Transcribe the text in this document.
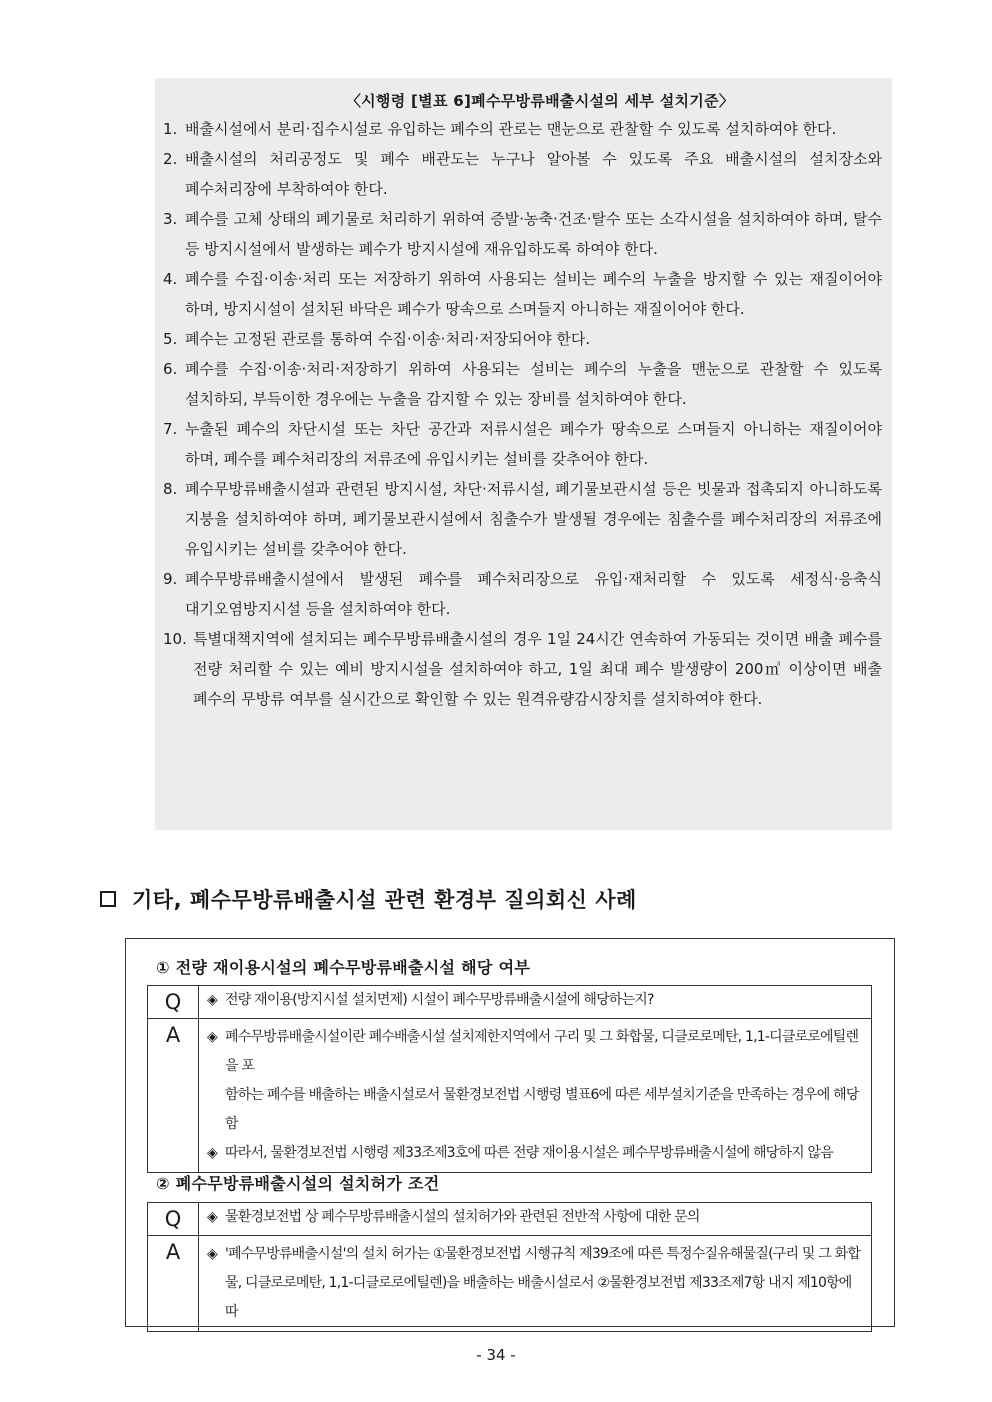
〈시행령 [별표 6]폐수무방류배출시설의 세부 설치기준〉
1. 배출시설에서 분리·집수시설로 유입하는 폐수의 관로는 맨눈으로 관찰할 수 있도록 설치하여야 한다.
2. 배출시설의 처리공정도 및 폐수 배관도는 누구나 알아볼 수 있도록 주요 배출시설의 설치장소와 폐수처리장에 부착하여야 한다.
3. 폐수를 고체 상태의 폐기물로 처리하기 위하여 증발·농축·건조·탈수 또는 소각시설을 설치하여야 하며, 탈수 등 방지시설에서 발생하는 폐수가 방지시설에 재유입하도록 하여야 한다.
4. 폐수를 수집·이송·처리 또는 저장하기 위하여 사용되는 설비는 폐수의 누출을 방지할 수 있는 재질이어야 하며, 방지시설이 설치된 바닥은 폐수가 땅속으로 스며들지 아니하는 재질이어야 한다.
5. 폐수는 고정된 관로를 통하여 수집·이송·처리·저장되어야 한다.
6. 폐수를 수집·이송·처리·저장하기 위하여 사용되는 설비는 폐수의 누출을 맨눈으로 관찰할 수 있도록 설치하되, 부득이한 경우에는 누출을 감지할 수 있는 장비를 설치하여야 한다.
7. 누출된 폐수의 차단시설 또는 차단 공간과 저류시설은 폐수가 땅속으로 스며들지 아니하는 재질이어야 하며, 폐수를 폐수처리장의 저류조에 유입시키는 설비를 갖추어야 한다.
8. 폐수무방류배출시설과 관련된 방지시설, 차단·저류시설, 폐기물보관시설 등은 빗물과 접촉되지 아니하도록 지붕을 설치하여야 하며, 폐기물보관시설에서 침출수가 발생될 경우에는 침출수를 폐수처리장의 저류조에 유입시키는 설비를 갖추어야 한다.
9. 폐수무방류배출시설에서 발생된 폐수를 폐수처리장으로 유입·재처리할 수 있도록 세정식·응축식 대기오염방지시설 등을 설치하여야 한다.
10. 특별대책지역에 설치되는 폐수무방류배출시설의 경우 1일 24시간 연속하여 가동되는 것이면 배출 폐수를 전량 처리할 수 있는 예비 방지시설을 설치하여야 하고, 1일 최대 폐수 발생량이 200㎥ 이상이면 배출 폐수의 무방류 여부를 실시간으로 확인할 수 있는 원격유량감시장치를 설치하여야 한다.
기타, 폐수무방류배출시설 관련 환경부 질의회신 사례
① 전량 재이용시설의 폐수무방류배출시설 해당 여부
Q	◈ 전량 재이용(방지시설 설치면제) 시설이 폐수무방류배출시설에 해당하는지?

A	◈ 폐수무방류배출시설이란 폐수배출시설 설치제한지역에서 구리 및 그 화합물, 디클로로메탄, 1,1-디클로로에틸렌을 포
함하는 폐수를 배출하는 배출시설로서 물환경보전법 시행령 별표6에 따른 세부설치기준을 만족하는 경우에 해당함
◈ 따라서, 물환경보전법 시행령 제33조제3호에 따른 전량 재이용시설은 폐수무방류배출시설에 해당하지 않음
② 폐수무방류배출시설의 설치허가 조건
Q	◈ 물환경보전법 상 폐수무방류배출시설의 설치허가와 관련된 전반적 사항에 대한 문의

A	◈ '폐수무방류배출시설'의 설치 허가는 ①물환경보전법 시행규칙 제39조에 따른 특정수질유해물질(구리 및 그 화합
물, 디클로로메탄, 1,1-디클로로에틸렌)을 배출하는 배출시설로서 ②물환경보전법 제33조제7항 내지 제10항에 따
- 34 -
